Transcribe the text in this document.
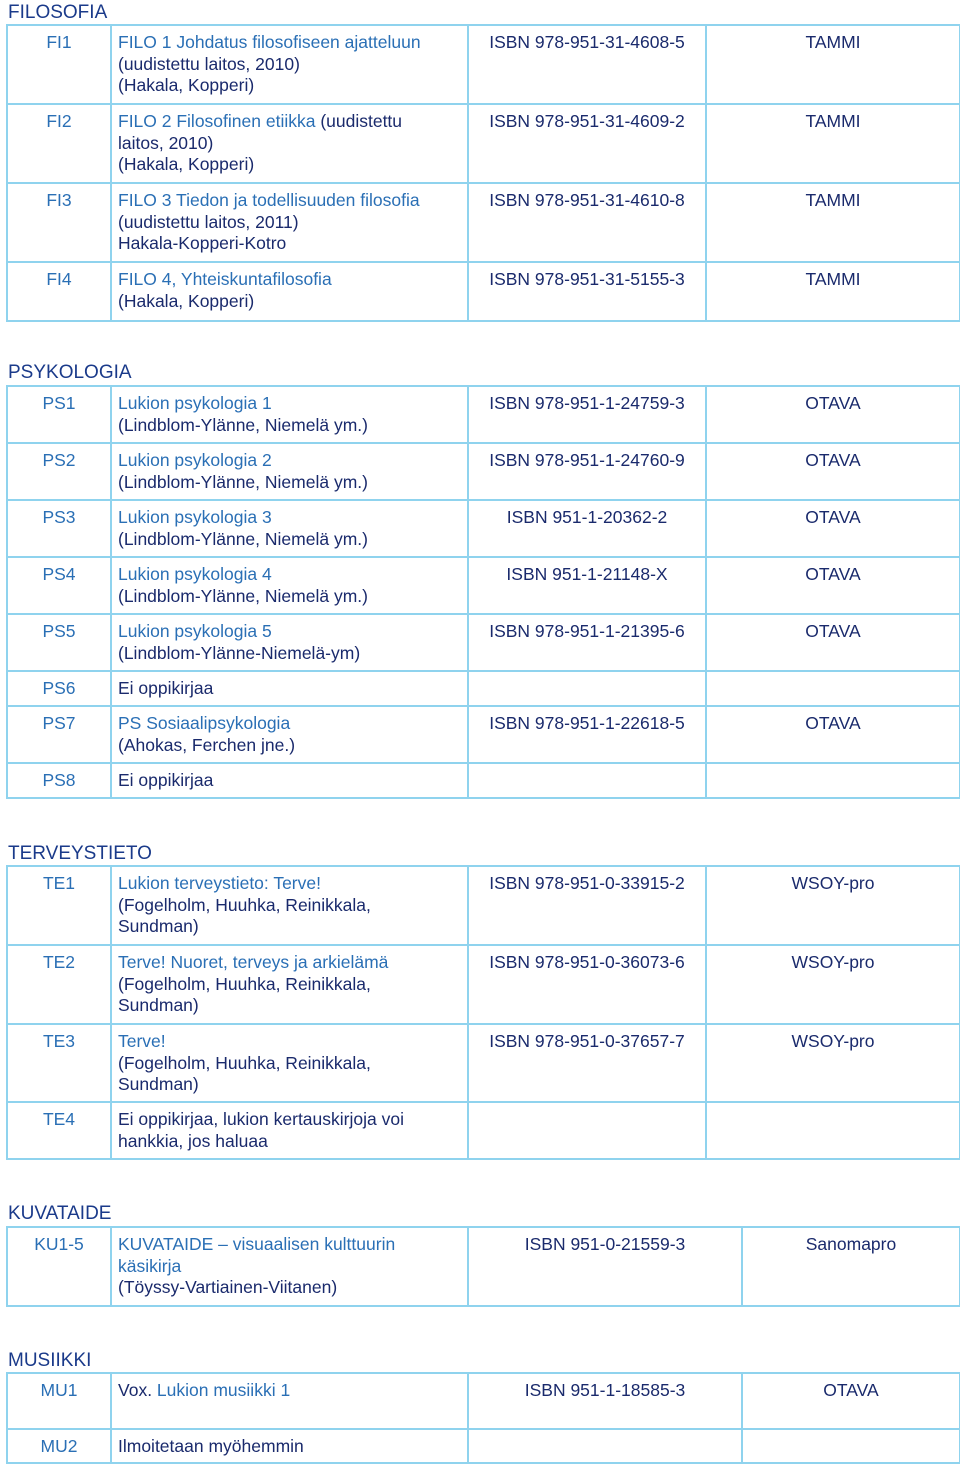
FILOSOFIA
FI1	FILO 1 Johdatus filosofiseen ajatteluun
(uudistettu laitos, 2010)
(Hakala, Kopperi)	ISBN 978-951-31-4608-5	TAMMI
FI2	FILO 2 Filosofinen etiikka (uudistettu
laitos, 2010)
(Hakala, Kopperi)	ISBN 978-951-31-4609-2	TAMMI
FI3	FILO 3 Tiedon ja todellisuuden filosofia
(uudistettu laitos, 2011)
Hakala-Kopperi-Kotro	ISBN 978-951-31-4610-8	TAMMI
FI4	FILO 4, Yhteiskuntafilosofia
(Hakala, Kopperi)	ISBN 978-951-31-5155-3	TAMMI
PSYKOLOGIA
PS1	Lukion psykologia 1
(Lindblom-Ylänne, Niemelä ym.)	ISBN 978-951-1-24759-3	OTAVA
PS2	Lukion psykologia 2
(Lindblom-Ylänne, Niemelä ym.)	ISBN 978-951-1-24760-9	OTAVA
PS3	Lukion psykologia 3
(Lindblom-Ylänne, Niemelä ym.)	ISBN 951-1-20362-2	OTAVA
PS4	Lukion psykologia 4
(Lindblom-Ylänne, Niemelä ym.)	ISBN 951-1-21148-X	OTAVA
PS5	Lukion psykologia 5
(Lindblom-Ylänne-Niemelä-ym)	ISBN 978-951-1-21395-6	OTAVA
PS6	Ei oppikirjaa		

PS7	PS Sosiaalipsykologia
(Ahokas, Ferchen jne.)	ISBN 978-951-1-22618-5	OTAVA
PS8	Ei oppikirjaa		

TERVEYSTIETO
TE1	Lukion terveystieto: Terve!
(Fogelholm, Huuhka, Reinikkala,
Sundman)	ISBN 978-951-0-33915-2	WSOY-pro
TE2	Terve! Nuoret, terveys ja arkielämä
(Fogelholm, Huuhka, Reinikkala,
Sundman)	ISBN 978-951-0-36073-6	WSOY-pro
TE3	Terve!
(Fogelholm, Huuhka, Reinikkala,
Sundman)	ISBN 978-951-0-37657-7	WSOY-pro
TE4	Ei oppikirjaa, lukion kertauskirjoja voi
hankkia, jos haluaa		

KUVATAIDE
KU1-5	KUVATAIDE – visuaalisen kulttuurin
käsikirja
(Töyssy-Vartiainen-Viitanen)
	ISBN 951-0-21559-3	Sanomapro
MUSIIKKI
MU1	Vox. Lukion musiikki 1	ISBN 951-1-18585-3	OTAVA
MU2	Ilmoitetaan myöhemmin		
